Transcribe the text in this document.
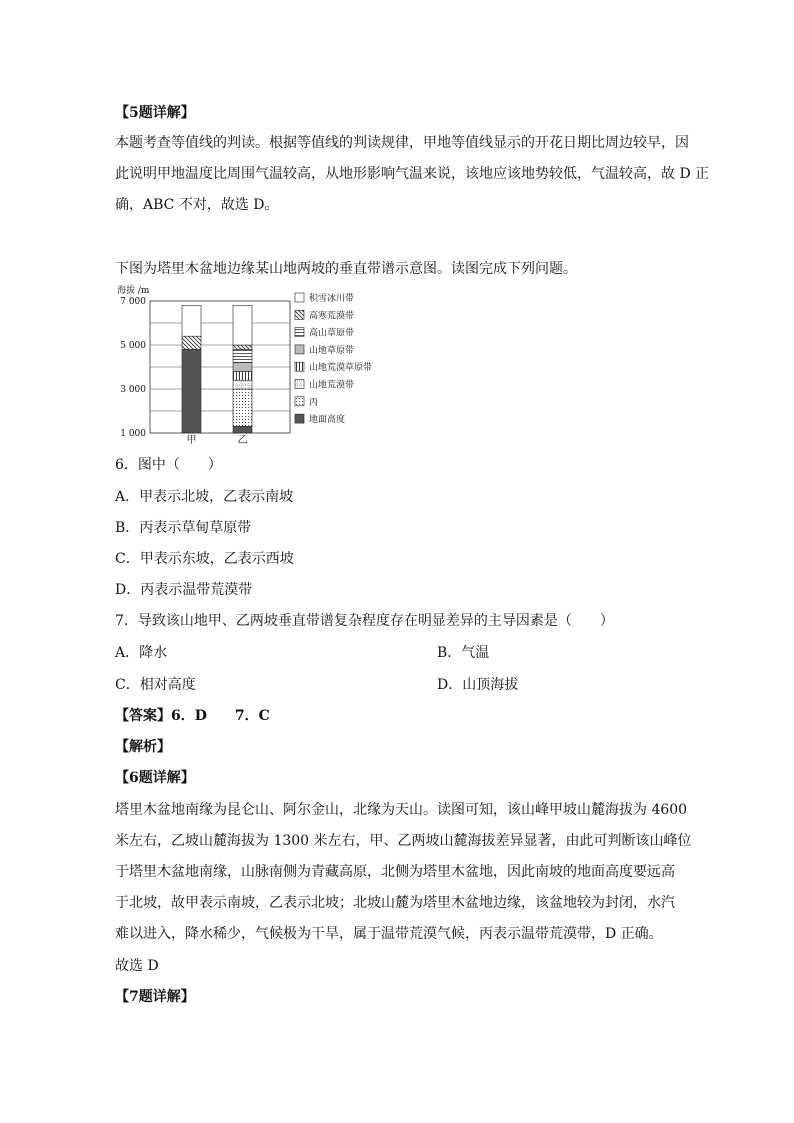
【5题详解】
本题考查等值线的判读。根据等值线的判读规律，甲地等值线显示的开花日期比周边较早，因
此说明甲地温度比周围气温较高，从地形影响气温来说，该地应该地势较低，气温较高，故 D 正
确，ABC 不对，故选 D。
下图为塔里木盆地边缘某山地两坡的垂直带谱示意图。读图完成下列问题。
海拔 /m
7 000
5 000
3 000
1 000
甲	乙
积雪冰川带
高寒荒漠带
高山草原带
山地草原带
山地荒漠草原带
山地荒漠带
丙
地面高度
6．图中（　　）
A．甲表示北坡，乙表示南坡
B．丙表示草甸草原带
C．甲表示东坡，乙表示西坡
D．丙表示温带荒漠带
7．导致该山地甲、乙两坡垂直带谱复杂程度存在明显差异的主导因素是（　　）
A．降水	B．气温
C．相对高度	D．山顶海拔
【答案】6．D　　7．C
【解析】
【6题详解】
塔里木盆地南缘为昆仑山、阿尔金山，北缘为天山。读图可知，该山峰甲坡山麓海拔为 4600
米左右，乙坡山麓海拔为 1300 米左右，甲、乙两坡山麓海拔差异显著，由此可判断该山峰位
于塔里木盆地南缘，山脉南侧为青藏高原，北侧为塔里木盆地，因此南坡的地面高度要远高
于北坡，故甲表示南坡，乙表示北坡；北坡山麓为塔里木盆地边缘，该盆地较为封闭，水汽
难以进入，降水稀少，气候极为干旱，属于温带荒漠气候，丙表示温带荒漠带，D 正确。
故选 D
【7题详解】
